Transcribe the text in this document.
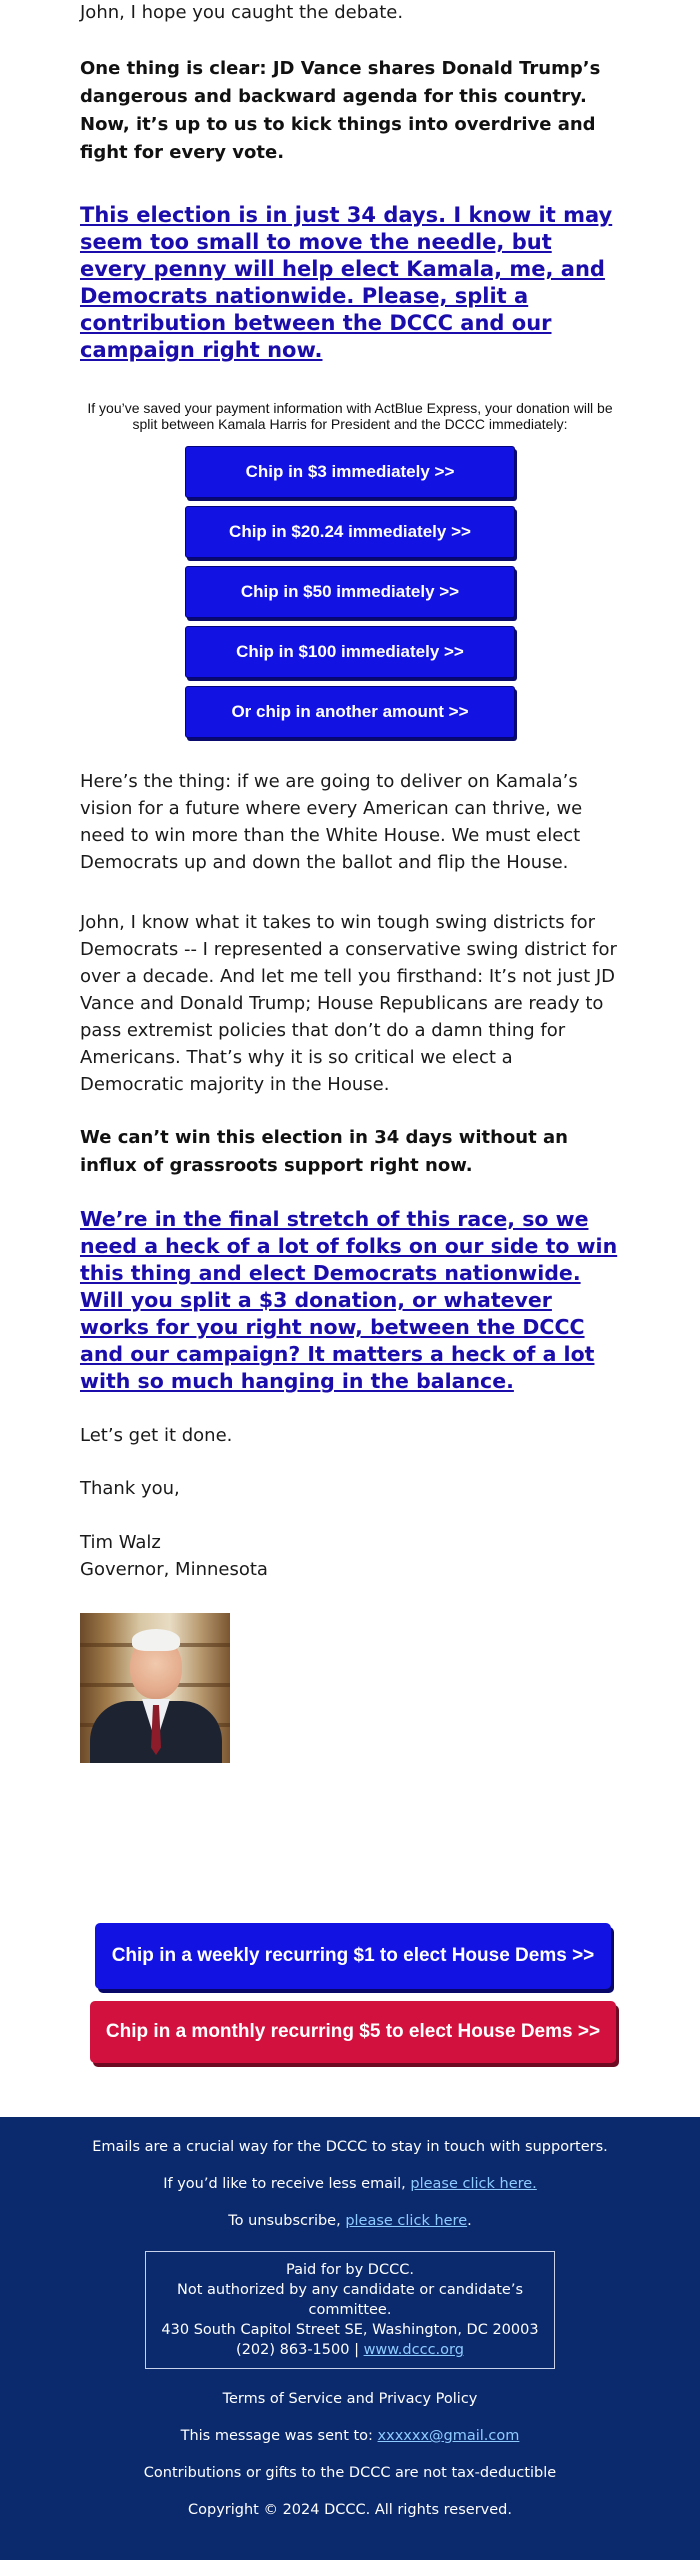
John, I hope you caught the debate.

One thing is clear: JD Vance shares Donald Trump’s dangerous and backward agenda for this country. Now, it’s up to us to kick things into overdrive and fight for every vote.

This election is in just 34 days. I know it may seem too small to move the needle, but every penny will help elect Kamala, me, and Democrats nationwide. Please, split a contribution between the DCCC and our campaign right now.

If you’ve saved your payment information with ActBlue Express, your donation will be split between Kamala Harris for President and the DCCC immediately:

Chip in $3 immediately >>
Chip in $20.24 immediately >>
Chip in $50 immediately >>
Chip in $100 immediately >>
Or chip in another amount >>

Here’s the thing: if we are going to deliver on Kamala’s vision for a future where every American can thrive, we need to win more than the White House. We must elect Democrats up and down the ballot and flip the House.

John, I know what it takes to win tough swing districts for Democrats -- I represented a conservative swing district for over a decade. And let me tell you firsthand: It’s not just JD Vance and Donald Trump; House Republicans are ready to pass extremist policies that don’t do a damn thing for Americans. That’s why it is so critical we elect a Democratic majority in the House.

We can’t win this election in 34 days without an influx of grassroots support right now.

We’re in the final stretch of this race, so we need a heck of a lot of folks on our side to win this thing and elect Democrats nationwide. Will you split a $3 donation, or whatever works for you right now, between the DCCC and our campaign? It matters a heck of a lot with so much hanging in the balance.

Let’s get it done.

Thank you,

Tim Walz

Governor, Minnesota

Chip in a weekly recurring $1 to elect House Dems >>
Chip in a monthly recurring $5 to elect House Dems >>

Emails are a crucial way for the DCCC to stay in touch with supporters.

If you’d like to receive less email, please click here.

To unsubscribe, please click here.

Paid for by DCCC.
Not authorized by any candidate or candidate’s committee.
430 South Capitol Street SE, Washington, DC 20003
(202) 863-1500 | www.dccc.org

Terms of Service and Privacy Policy

This message was sent to: xxxxxx@gmail.com

Contributions or gifts to the DCCC are not tax-deductible

Copyright © 2024 DCCC. All rights reserved.
